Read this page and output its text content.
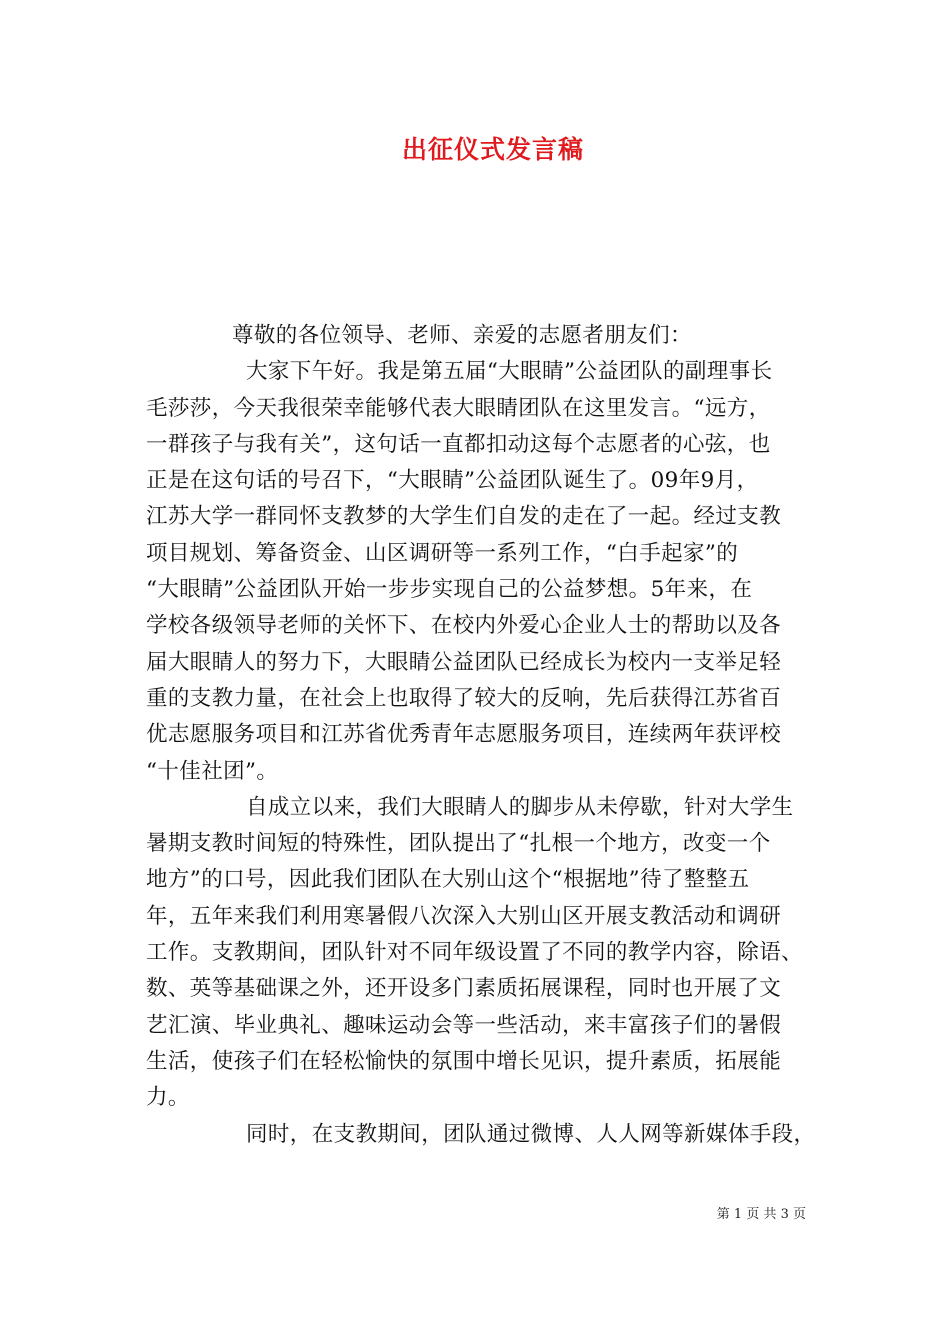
出征仪式发言稿
尊敬的各位领导、老师、亲爱的志愿者朋友们：
大家下午好。我是第五届“大眼睛”公益团队的副理事长
毛莎莎，今天我很荣幸能够代表大眼睛团队在这里发言。“远方，
一群孩子与我有关”，这句话一直都扣动这每个志愿者的心弦，也
正是在这句话的号召下，“大眼睛”公益团队诞生了。09年9月，
江苏大学一群同怀支教梦的大学生们自发的走在了一起。经过支教
项目规划、筹备资金、山区调研等一系列工作，“白手起家”的
“大眼睛”公益团队开始一步步实现自己的公益梦想。5年来，在
学校各级领导老师的关怀下、在校内外爱心企业人士的帮助以及各
届大眼睛人的努力下，大眼睛公益团队已经成长为校内一支举足轻
重的支教力量，在社会上也取得了较大的反响，先后获得江苏省百
优志愿服务项目和江苏省优秀青年志愿服务项目，连续两年获评校
“十佳社团”。
自成立以来，我们大眼睛人的脚步从未停歇，针对大学生
暑期支教时间短的特殊性，团队提出了“扎根一个地方，改变一个
地方”的口号，因此我们团队在大别山这个“根据地”待了整整五
年，五年来我们利用寒暑假八次深入大别山区开展支教活动和调研
工作。支教期间，团队针对不同年级设置了不同的教学内容，除语、
数、英等基础课之外，还开设多门素质拓展课程，同时也开展了文
艺汇演、毕业典礼、趣味运动会等一些活动，来丰富孩子们的暑假
生活，使孩子们在轻松愉快的氛围中增长见识，提升素质，拓展能
力。
同时，在支教期间，团队通过微博、人人网等新媒体手段，
第 1 页 共 3 页
